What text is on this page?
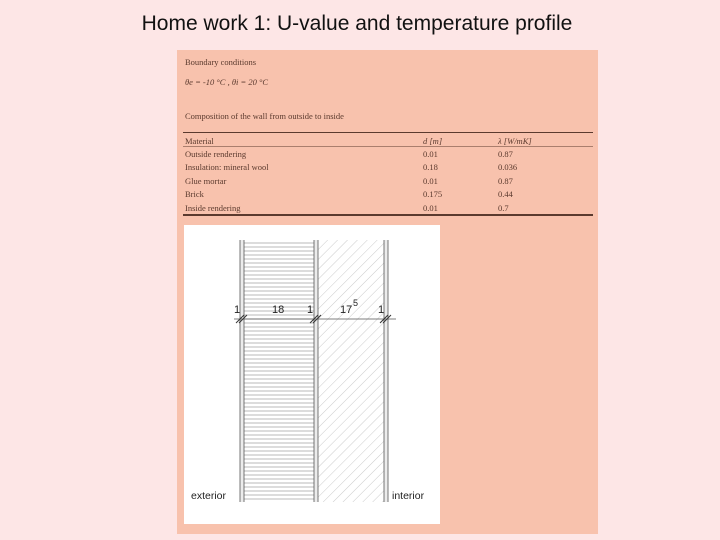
Home work 1: U-value and temperature profile
Boundary conditions
θe = -10 °C , θi = 20 °C
Composition of the wall from outside to inside
Material	d [m]	λ [W/mK]
Outside rendering	0.01	0.87
Insulation: mineral wool	0.18	0.036
Glue mortar	0.01	0.87
Brick	0.175	0.44
Inside rendering	0.01	0.7
1	18 1 17
5
1
exterior	interior
